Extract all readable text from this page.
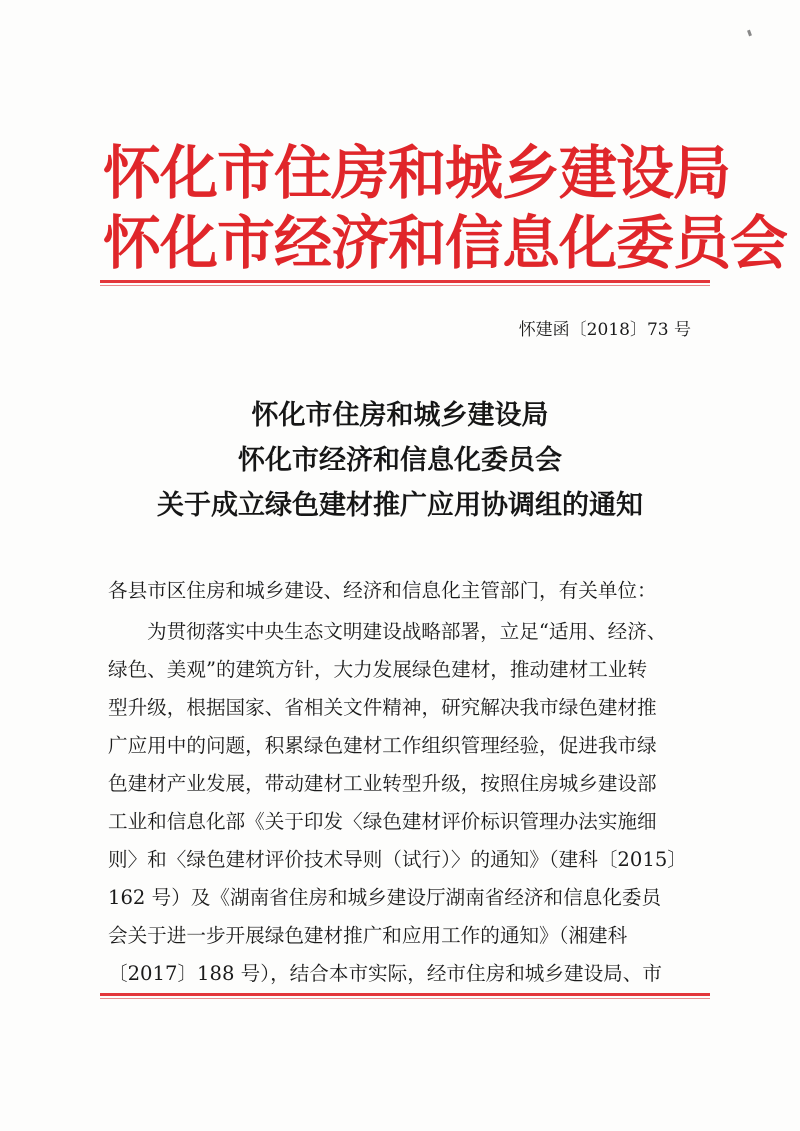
怀化市住房和城乡建设局
怀化市经济和信息化委员会
怀建函〔2018〕73 号
怀化市住房和城乡建设局
怀化市经济和信息化委员会
关于成立绿色建材推广应用协调组的通知
各县市区住房和城乡建设、经济和信息化主管部门，有关单位：
为贯彻落实中央生态文明建设战略部署，立足“适用、经济、
绿色、美观”的建筑方针，大力发展绿色建材，推动建材工业转
型升级，根据国家、省相关文件精神，研究解决我市绿色建材推
广应用中的问题，积累绿色建材工作组织管理经验，促进我市绿
色建材产业发展，带动建材工业转型升级，按照住房城乡建设部
工业和信息化部《关于印发〈绿色建材评价标识管理办法实施细
则〉和〈绿色建材评价技术导则（试行）〉的通知》（建科〔2015〕
162 号）及《湖南省住房和城乡建设厅湖南省经济和信息化委员
会关于进一步开展绿色建材推广和应用工作的通知》（湘建科
〔2017〕188 号），结合本市实际，经市住房和城乡建设局、市
